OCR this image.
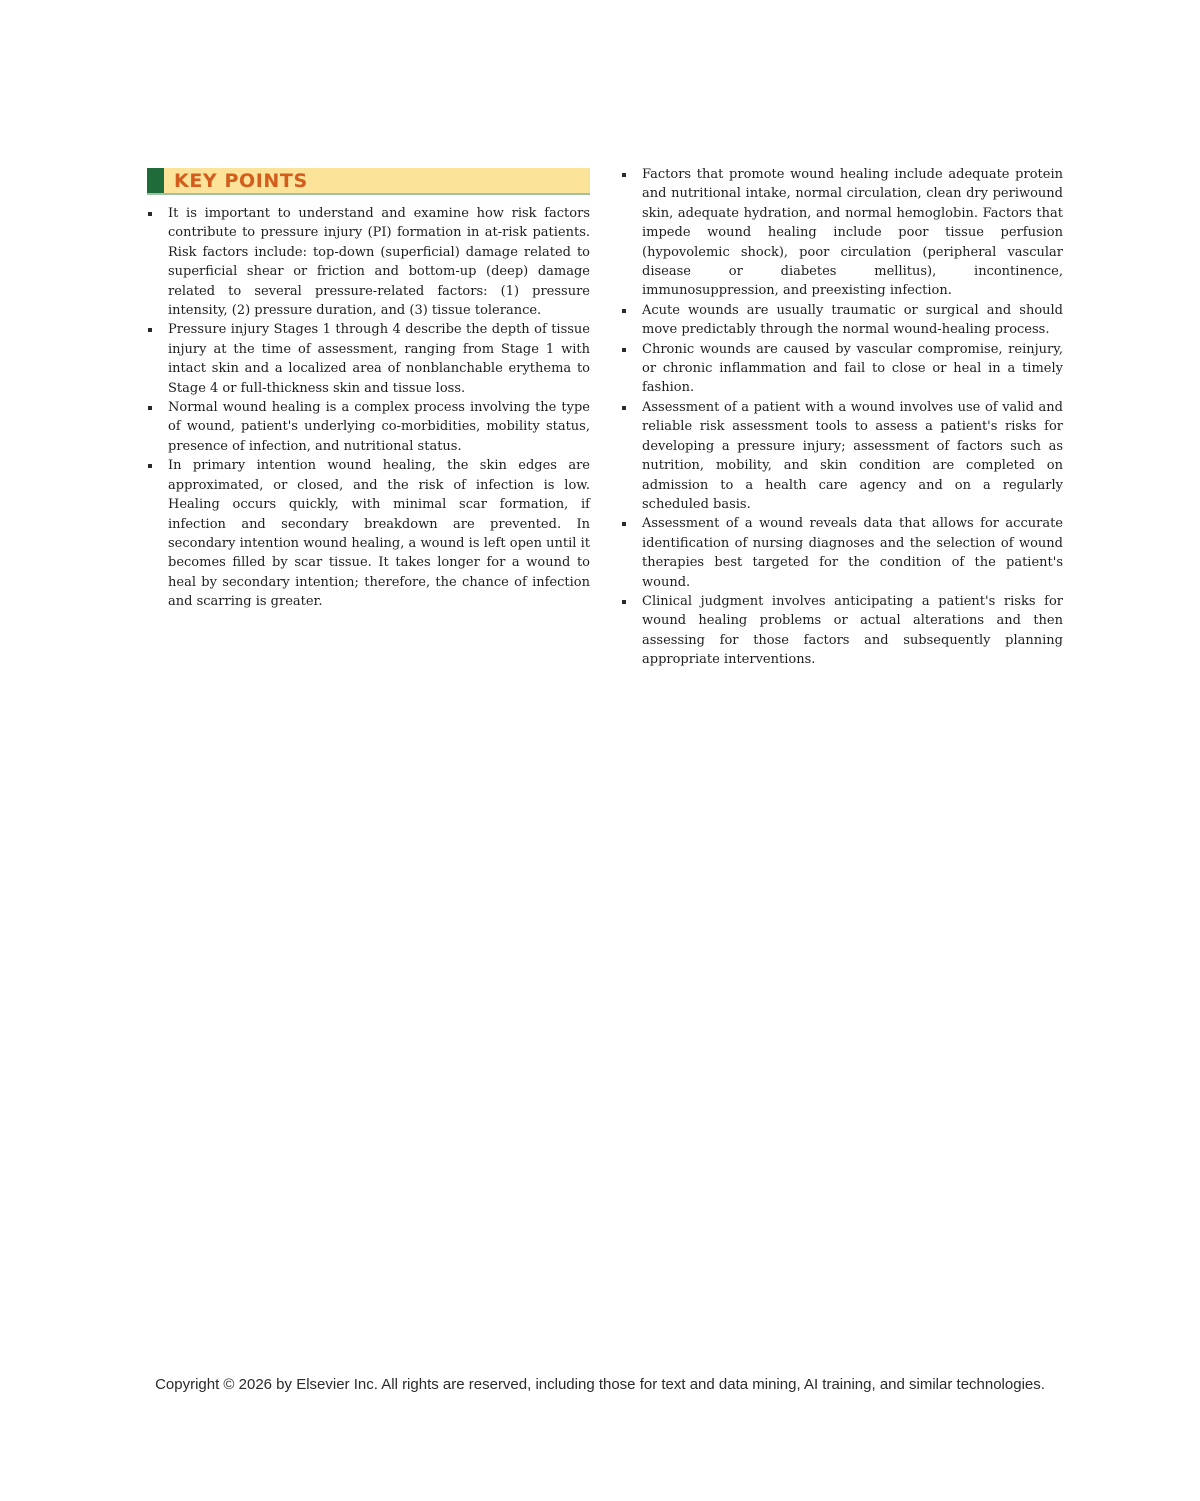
KEY POINTS
It is important to understand and examine how risk factors contribute to pressure injury (PI) formation in at-risk patients. Risk factors include: top-down (superficial) damage related to superficial shear or friction and bottom-up (deep) damage related to several pressure-related factors: (1) pressure intensity, (2) pressure duration, and (3) tissue tolerance.
Pressure injury Stages 1 through 4 describe the depth of tissue injury at the time of assessment, ranging from Stage 1 with intact skin and a localized area of nonblanchable erythema to Stage 4 or full-thickness skin and tissue loss.
Normal wound healing is a complex process involving the type of wound, patient's underlying co-morbidities, mobility status, presence of infection, and nutritional status.
In primary intention wound healing, the skin edges are approximated, or closed, and the risk of infection is low. Healing occurs quickly, with minimal scar formation, if infection and secondary breakdown are prevented. In secondary intention wound healing, a wound is left open until it becomes filled by scar tissue. It takes longer for a wound to heal by secondary intention; therefore, the chance of infection and scarring is greater.
Factors that promote wound healing include adequate protein and nutritional intake, normal circulation, clean dry periwound skin, adequate hydration, and normal hemoglobin. Factors that impede wound healing include poor tissue perfusion (hypovolemic shock), poor circulation (peripheral vascular disease or diabetes mellitus), incontinence, immunosuppression, and preexisting infection.
Acute wounds are usually traumatic or surgical and should move predictably through the normal wound-healing process.
Chronic wounds are caused by vascular compromise, reinjury, or chronic inflammation and fail to close or heal in a timely fashion.
Assessment of a patient with a wound involves use of valid and reliable risk assessment tools to assess a patient's risks for developing a pressure injury; assessment of factors such as nutrition, mobility, and skin condition are completed on admission to a health care agency and on a regularly scheduled basis.
Assessment of a wound reveals data that allows for accurate identification of nursing diagnoses and the selection of wound therapies best targeted for the condition of the patient's wound.
Clinical judgment involves anticipating a patient's risks for wound healing problems or actual alterations and then assessing for those factors and subsequently planning appropriate interventions.
Copyright © 2026 by Elsevier Inc. All rights are reserved, including those for text and data mining, AI training, and similar technologies.
